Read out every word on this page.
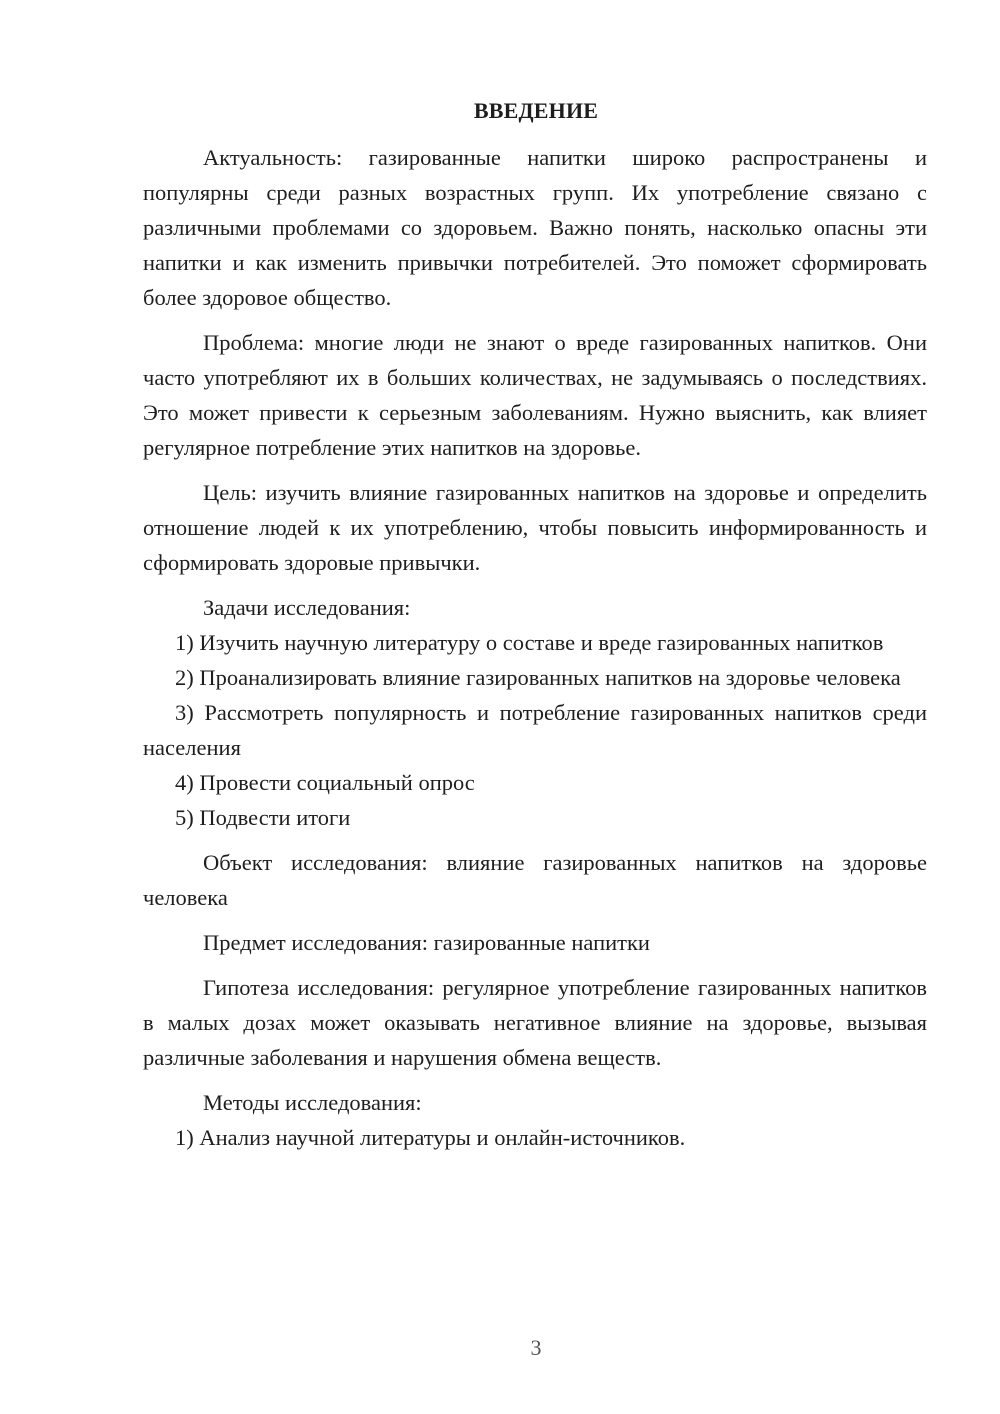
ВВЕДЕНИЕ

Актуальность: газированные напитки широко распространены и популярны среди разных возрастных групп. Их употребление связано с различными проблемами со здоровьем. Важно понять, насколько опасны эти напитки и как изменить привычки потребителей. Это поможет сформировать более здоровое общество.

Проблема: многие люди не знают о вреде газированных напитков. Они часто употребляют их в больших количествах, не задумываясь о последствиях. Это может привести к серьезным заболеваниям. Нужно выяснить, как влияет регулярное потребление этих напитков на здоровье.

Цель: изучить влияние газированных напитков на здоровье и определить отношение людей к их употреблению, чтобы повысить информированность и сформировать здоровые привычки.

Задачи исследования:

1) Изучить научную литературу о составе и вреде газированных напитков

2) Проанализировать влияние газированных напитков на здоровье человека

3) Рассмотреть популярность и потребление газированных напитков среди населения

4) Провести социальный опрос

5) Подвести итоги

Объект исследования: влияние газированных напитков на здоровье человека

Предмет исследования: газированные напитки

Гипотеза исследования: регулярное употребление газированных напитков в малых дозах может оказывать негативное влияние на здоровье, вызывая различные заболевания и нарушения обмена веществ.

Методы исследования:

1) Анализ научной литературы и онлайн-источников.

3
